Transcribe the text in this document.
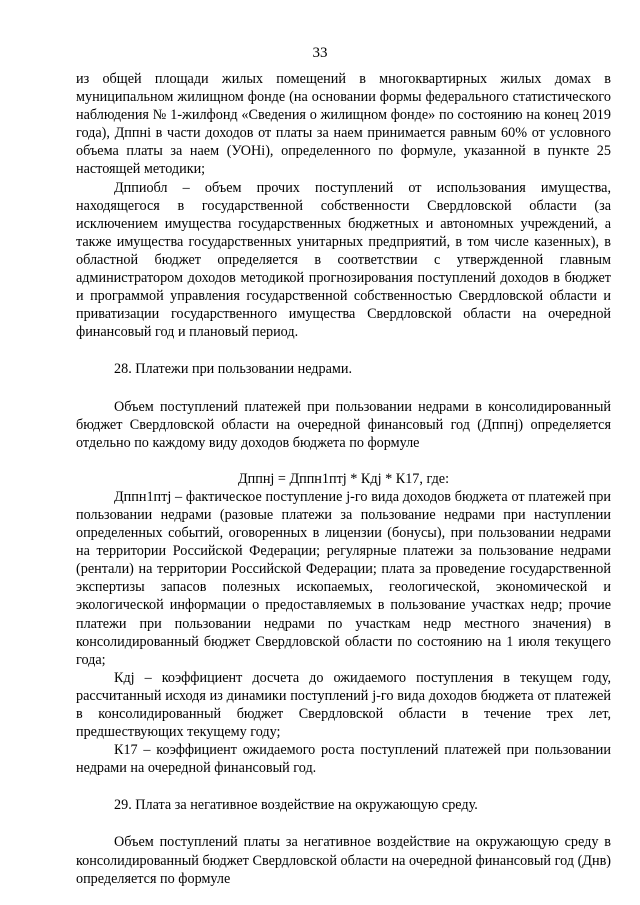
33

из общей площади жилых помещений в многоквартирных жилых домах в муниципальном жилищном фонде (на основании формы федерального статистического наблюдения № 1-жилфонд «Сведения о жилищном фонде» по состоянию на конец 2019 года), Дппні в части доходов от платы за наем принимается равным 60% от условного объема платы за наем (УОНі), определенного по формуле, указанной в пункте 25 настоящей методики;

Дппиобл – объем прочих поступлений от использования имущества, находящегося в государственной собственности Свердловской области (за исключением имущества государственных бюджетных и автономных учреждений, а также имущества государственных унитарных предприятий, в том числе казенных), в областной бюджет определяется в соответствии с утвержденной главным администратором доходов методикой прогнозирования поступлений доходов в бюджет и программой управления государственной собственностью Свердловской области и приватизации государственного имущества Свердловской области на очередной финансовый год и плановый период.

28. Платежи при пользовании недрами.

Объем поступлений платежей при пользовании недрами в консолидированный бюджет Свердловской области на очередной финансовый год (Дппнj) определяется отдельно по каждому виду доходов бюджета по формуле

Дппнj = Дппн1птj * Кдj * К17, где:

Дппн1птj – фактическое поступление j-го вида доходов бюджета от платежей при пользовании недрами (разовые платежи за пользование недрами при наступлении определенных событий, оговоренных в лицензии (бонусы), при пользовании недрами на территории Российской Федерации; регулярные платежи за пользование недрами (рентали) на территории Российской Федерации; плата за проведение государственной экспертизы запасов полезных ископаемых, геологической, экономической и экологической информации о предоставляемых в пользование участках недр; прочие платежи при пользовании недрами по участкам недр местного значения) в консолидированный бюджет Свердловской области по состоянию на 1 июля текущего года;

Кдj – коэффициент досчета до ожидаемого поступления в текущем году, рассчитанный исходя из динамики поступлений j-го вида доходов бюджета от платежей в консолидированный бюджет Свердловской области в течение трех лет, предшествующих текущему году;

К17 – коэффициент ожидаемого роста поступлений платежей при пользовании недрами на очередной финансовый год.

29. Плата за негативное воздействие на окружающую среду.

Объем поступлений платы за негативное воздействие на окружающую среду в консолидированный бюджет Свердловской области на очередной финансовый год (Днв) определяется по формуле
